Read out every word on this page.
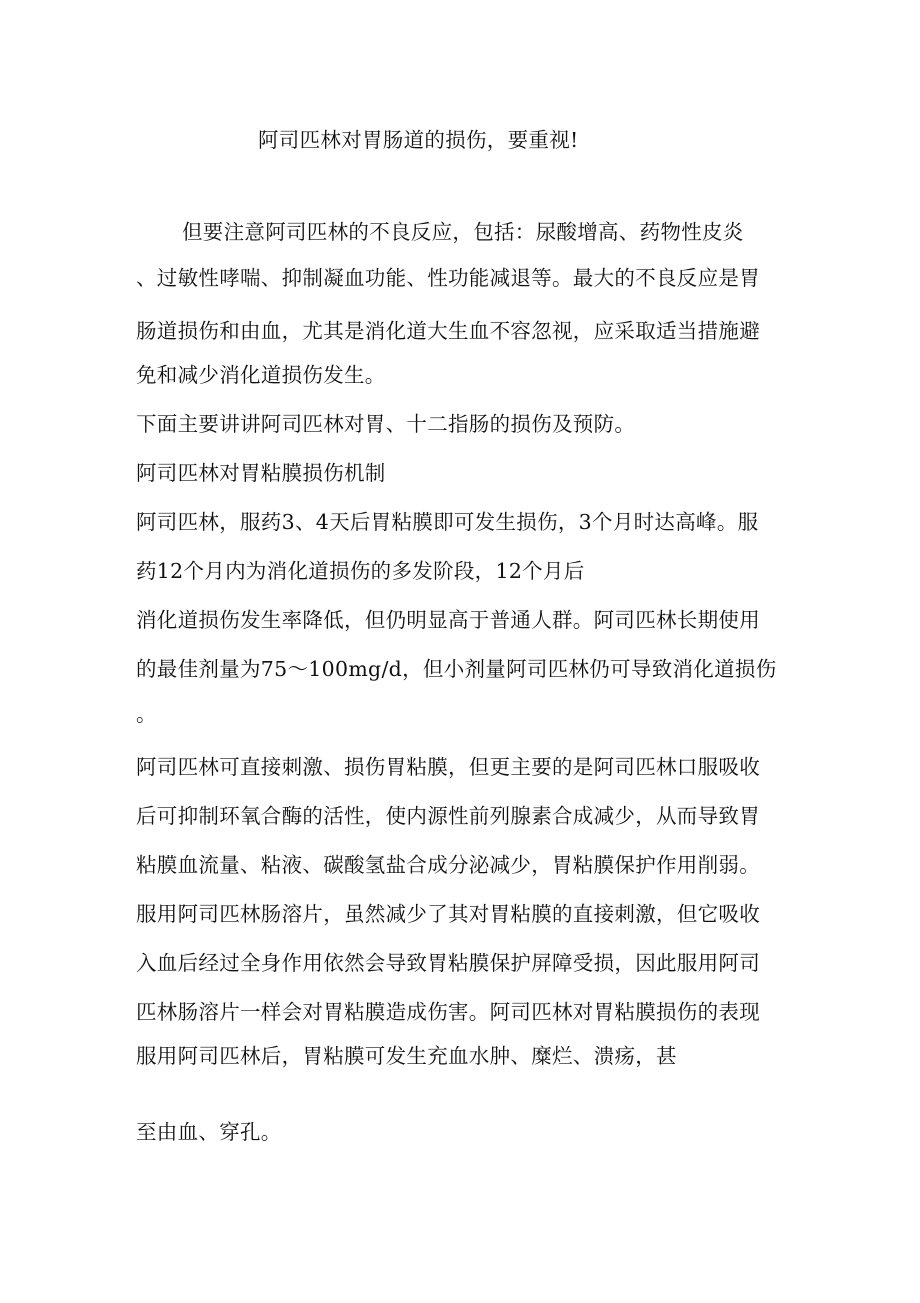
阿司匹林对胃肠道的损伤，要重视!
但要注意阿司匹林的不良反应，包括：尿酸增高、药物性皮炎
、过敏性哮喘、抑制凝血功能、性功能减退等。最大的不良反应是胃
肠道损伤和由血，尤其是消化道大生血不容忽视，应采取适当措施避
免和减少消化道损伤发生。
下面主要讲讲阿司匹林对胃、十二指肠的损伤及预防。
阿司匹林对胃粘膜损伤机制
阿司匹林，服药3、4天后胃粘膜即可发生损伤，3个月时达高峰。服
药12个月内为消化道损伤的多发阶段，12个月后
消化道损伤发生率降低，但仍明显高于普通人群。阿司匹林长期使用
的最佳剂量为75～100mg/d，但小剂量阿司匹林仍可导致消化道损伤
。
阿司匹林可直接刺激、损伤胃粘膜，但更主要的是阿司匹林口服吸收
后可抑制环氧合酶的活性，使内源性前列腺素合成减少，从而导致胃
粘膜血流量、粘液、碳酸氢盐合成分泌减少，胃粘膜保护作用削弱。
服用阿司匹林肠溶片，虽然减少了其对胃粘膜的直接刺激，但它吸收
入血后经过全身作用依然会导致胃粘膜保护屏障受损，因此服用阿司
匹林肠溶片一样会对胃粘膜造成伤害。阿司匹林对胃粘膜损伤的表现
服用阿司匹林后，胃粘膜可发生充血水肿、糜烂、溃疡，甚
至由血、穿孔。
